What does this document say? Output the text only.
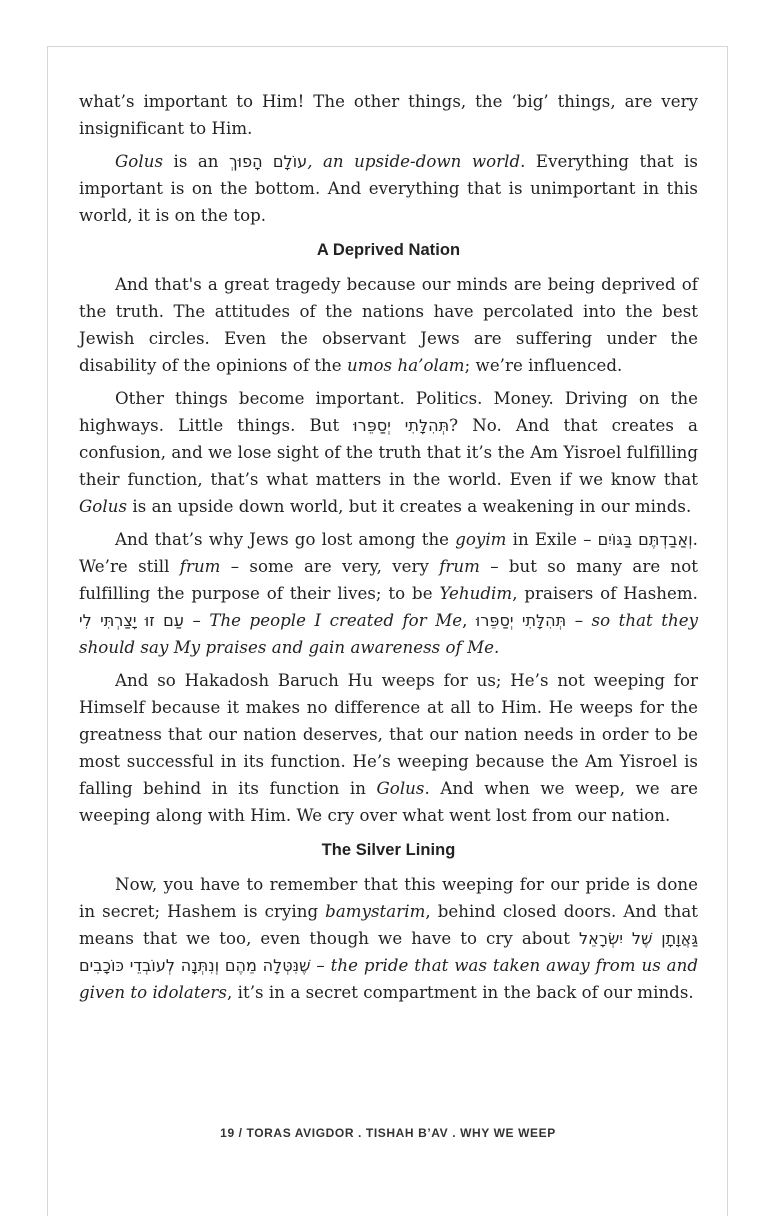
what’s important to Him! The other things, the ‘big’ things, are very insignificant to Him.

Golus is an עוֹלָם הָפוּךְ, an upside-down world. Everything that is important is on the bottom. And everything that is unimportant in this world, it is on the top.

A Deprived Nation

And that's a great tragedy because our minds are being deprived of the truth. The attitudes of the nations have percolated into the best Jewish circles. Even the observant Jews are suffering under the disability of the opinions of the umos ha’olam; we’re influenced.

Other things become important. Politics. Money. Driving on the highways. Little things. But תְּהִלָּתִי יְסַפֵּרוּ? No. And that creates a confusion, and we lose sight of the truth that it’s the Am Yisroel fulfilling their function, that’s what matters in the world. Even if we know that Golus is an upside down world, but it creates a weakening in our minds.

And that’s why Jews go lost among the goyim in Exile – וְאַבַדְתֶּם בַּגּוֹיִם. We’re still frum – some are very, very frum – but so many are not fulfilling the purpose of their lives; to be Yehudim, praisers of Hashem. עַם זוּ יָצַרְתִּי לִי – The people I created for Me, תְּהִלָּתִי יְסַפֵּרוּ – so that they should say My praises and gain awareness of Me.

And so Hakadosh Baruch Hu weeps for us; He’s not weeping for Himself because it makes no difference at all to Him. He weeps for the greatness that our nation deserves, that our nation needs in order to be most successful in its function. He’s weeping because the Am Yisroel is falling behind in its function in Golus. And when we weep, we are weeping along with Him. We cry over what went lost from our nation.

The Silver Lining

Now, you have to remember that this weeping for our pride is done in secret; Hashem is crying bamystarim, behind closed doors. And that means that we too, even though we have to cry about גַּאֲוָתָן שֶׁל יִשְׂרָאֵל שֶׁנִּטְּלָה מֵהֶם וְנִתְּנָה לְעוֹבְדֵי כּוֹכָבִים – the pride that was taken away from us and given to idolaters, it’s in a secret compartment in the back of our minds.

19 / TORAS AVIGDOR . TISHAH B’AV . WHY WE WEEP
